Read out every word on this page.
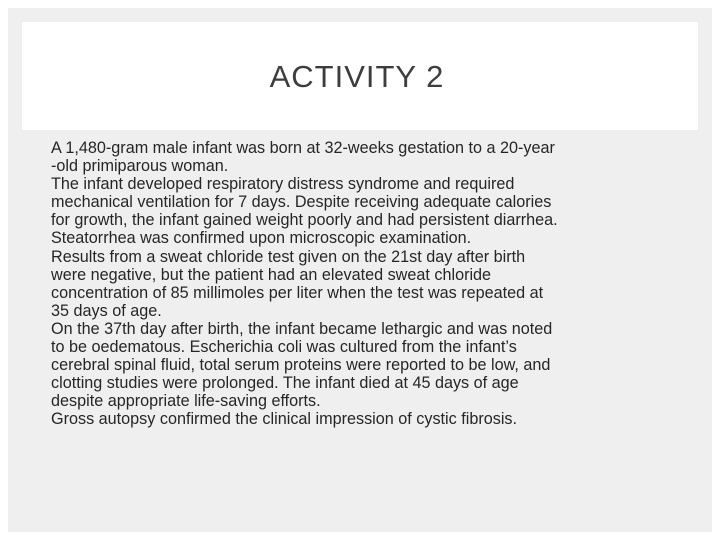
ACTIVITY 2

A 1,480-gram male infant was born at 32-weeks gestation to a 20-year
-old primiparous woman.

The infant developed respiratory distress syndrome and required
mechanical ventilation for 7 days. Despite receiving adequate calories
for growth, the infant gained weight poorly and had persistent diarrhea.
Steatorrhea was confirmed upon microscopic examination.

Results from a sweat chloride test given on the 21st day after birth
were negative, but the patient had an elevated sweat chloride
concentration of 85 millimoles per liter when the test was repeated at
35 days of age.

On the 37th day after birth, the infant became lethargic and was noted
to be oedematous. Escherichia coli was cultured from the infant’s
cerebral spinal fluid, total serum proteins were reported to be low, and
clotting studies were prolonged. The infant died at 45 days of age
despite appropriate life-saving efforts.

Gross autopsy confirmed the clinical impression of cystic fibrosis.
